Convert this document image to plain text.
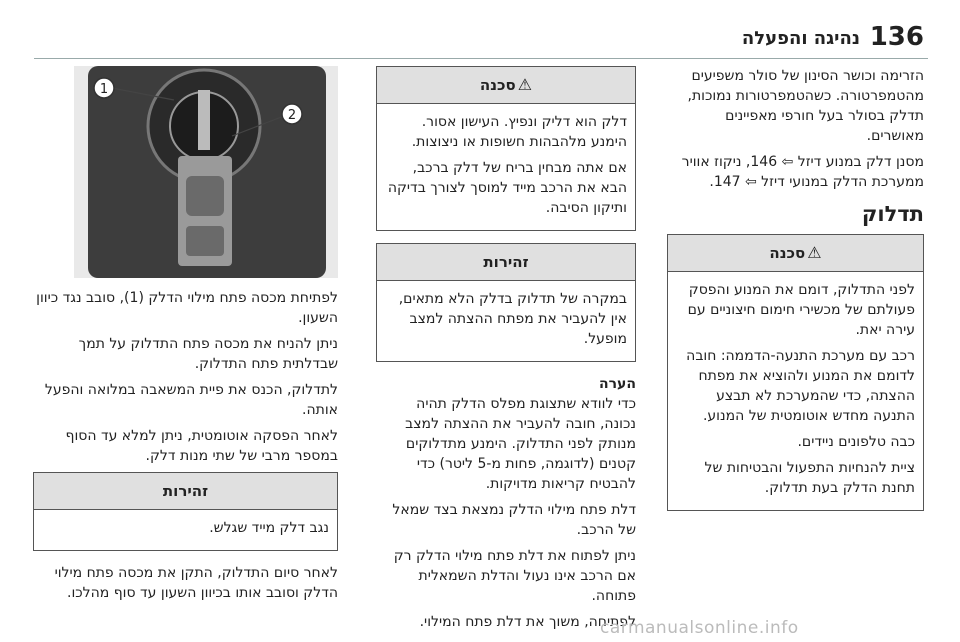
136
נהיגה והפעלה

הזרימה וכושר הסינון של סולר משפיעים מהטמפרטורה. כשהטמפרטורות נמוכות, תדלק בסולר בעל חורפי מאפיינים מאושרים.

מסנן דלק במנוע דיזל ⇦ 146, ניקוז אוויר ממערכת הדלק במנועי דיזל ⇦ 147.

תדלוק
⚠סכנה

לפני התדלוק, דומם את המנוע והפסק פעולתם של מכשירי חימום חיצוניים עם עירה יאת.

רכב עם מערכת התנעה-הדממה: חובה לדומם את המנוע ולהוציא את מפתח ההצתה, כדי שהמערכת לא תבצע התנעה מחדש אוטומטית של המנוע.

כבה טלפונים ניידים.

ציית להנחיות התפעול והבטיחות של תחנת הדלק בעת תדלוק.

⚠סכנה

דלק הוא דליק ונפיץ. העישון אסור. הימנע מלהבהות חשופות או ניצוצות.

אם אתה מבחין בריח של דלק ברכב, הבא את הרכב מייד למוסך לצורך בדיקה ותיקון הסיבה.

זהירות

במקרה של תדלוק בדלק הלא מתאים, אין להעביר את מפתח ההצתה למצב מופעל.

הערה

כדי לוודא שתצוגת מפלס הדלק תהיה נכונה, חובה להעביר את ההצתה למצב מנותק לפני התדלוק. הימנע מתדלוקים קטנים (לדוגמה, פחות מ-5 ליטר) כדי להבטיח קריאות מדויקות.

דלת פתח מילוי הדלק נמצאת בצד שמאל של הרכב.

ניתן לפתוח את דלת פתח מילוי הדלק רק אם הרכב אינו נעול והדלת השמאלית פתוחה.

לפתיחה, משוך את דלת פתח המילוי.

1
2

לפתיחת מכסה פתח מילוי הדלק (1), סובב נגד כיוון השעון.

ניתן להניח את מכסה פתח התדלוק על תמך שבדלתית פתח התדלוק.

לתדלוק, הכנס את פיית המשאבה במלואה והפעל אותה.

לאחר הפסקה אוטומטית, ניתן למלא עד הסוף במספר מרבי של שתי מנות דלק.

זהירות

נגב דלק מייד שגלש.

לאחר סיום התדלוק, התקן את מכסה פתח מילוי הדלק וסובב אותו בכיוון השעון עד סוף מהלכו.

carmanualsonline.info
